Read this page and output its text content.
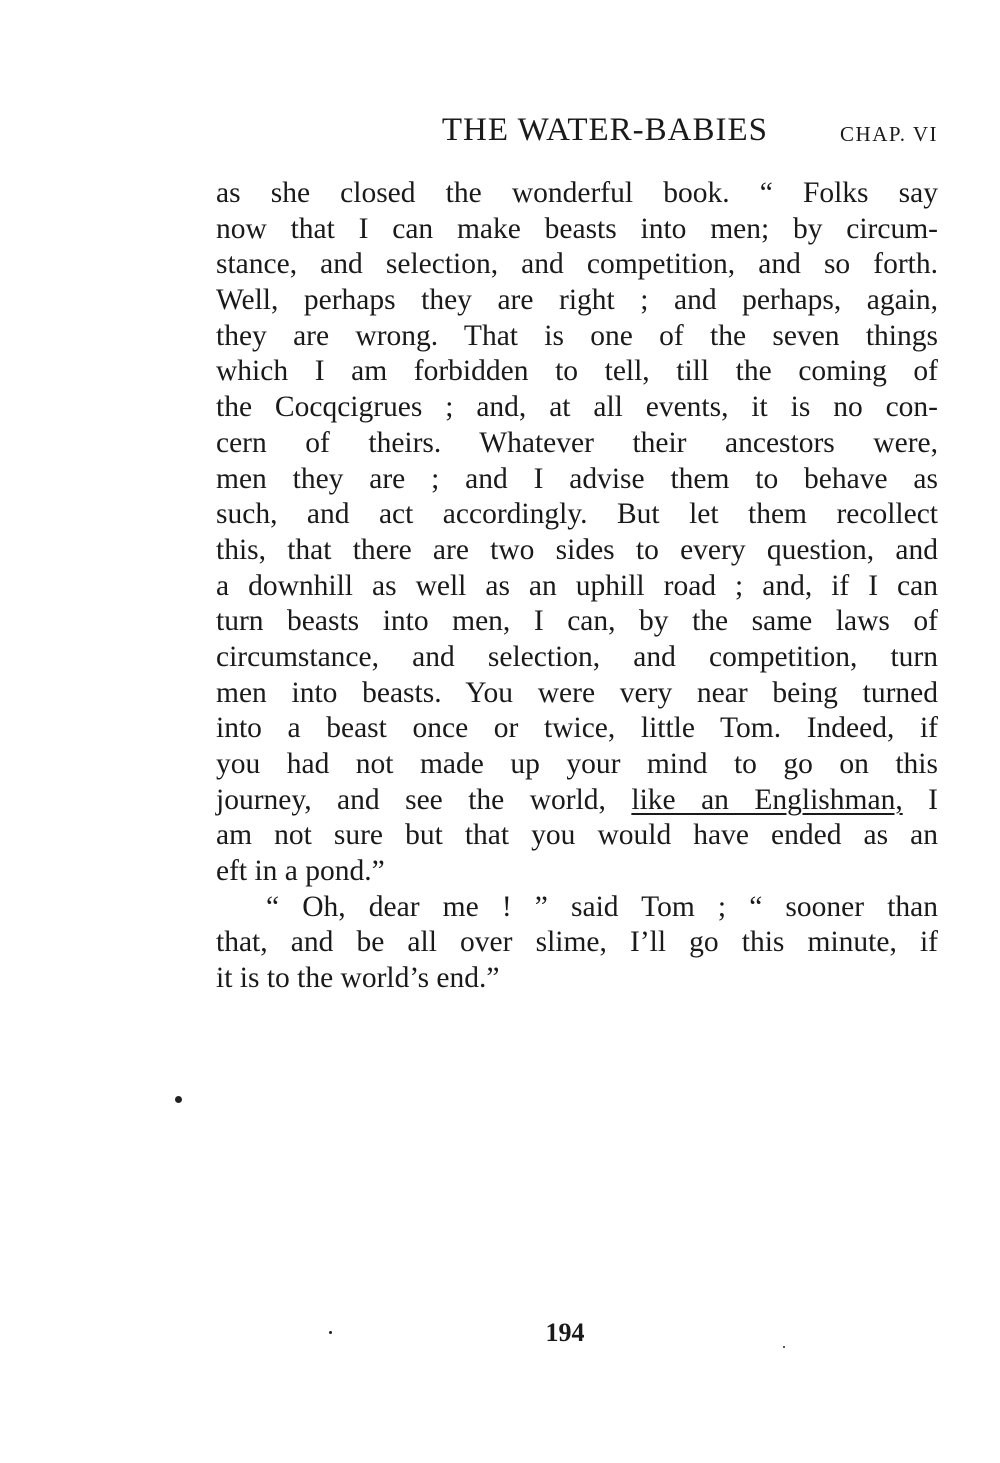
THE WATER-BABIES	CHAP. VI
as she closed the wonderful book. “ Folks say
now that I can make beasts into men; by circum-
stance, and selection, and competition, and so forth.
Well, perhaps they are right ; and perhaps, again,
they are wrong. That is one of the seven things
which I am forbidden to tell, till the coming of
the Cocqcigrues ; and, at all events, it is no con-
cern of theirs. Whatever their ancestors were,
men they are ; and I advise them to behave as
such, and act accordingly. But let them recollect
this, that there are two sides to every question, and
a downhill as well as an uphill road ; and, if I can
turn beasts into men, I can, by the same laws of
circumstance, and selection, and competition, turn
men into beasts. You were very near being turned
into a beast once or twice, little Tom. Indeed, if
you had not made up your mind to go on this
journey, and see the world, like an Englishman, I
am not sure but that you would have ended as an
eft in a pond.”
“ Oh, dear me ! ” said Tom ; “ sooner than
that, and be all over slime, I’ll go this minute, if
it is to the world’s end.”
194
